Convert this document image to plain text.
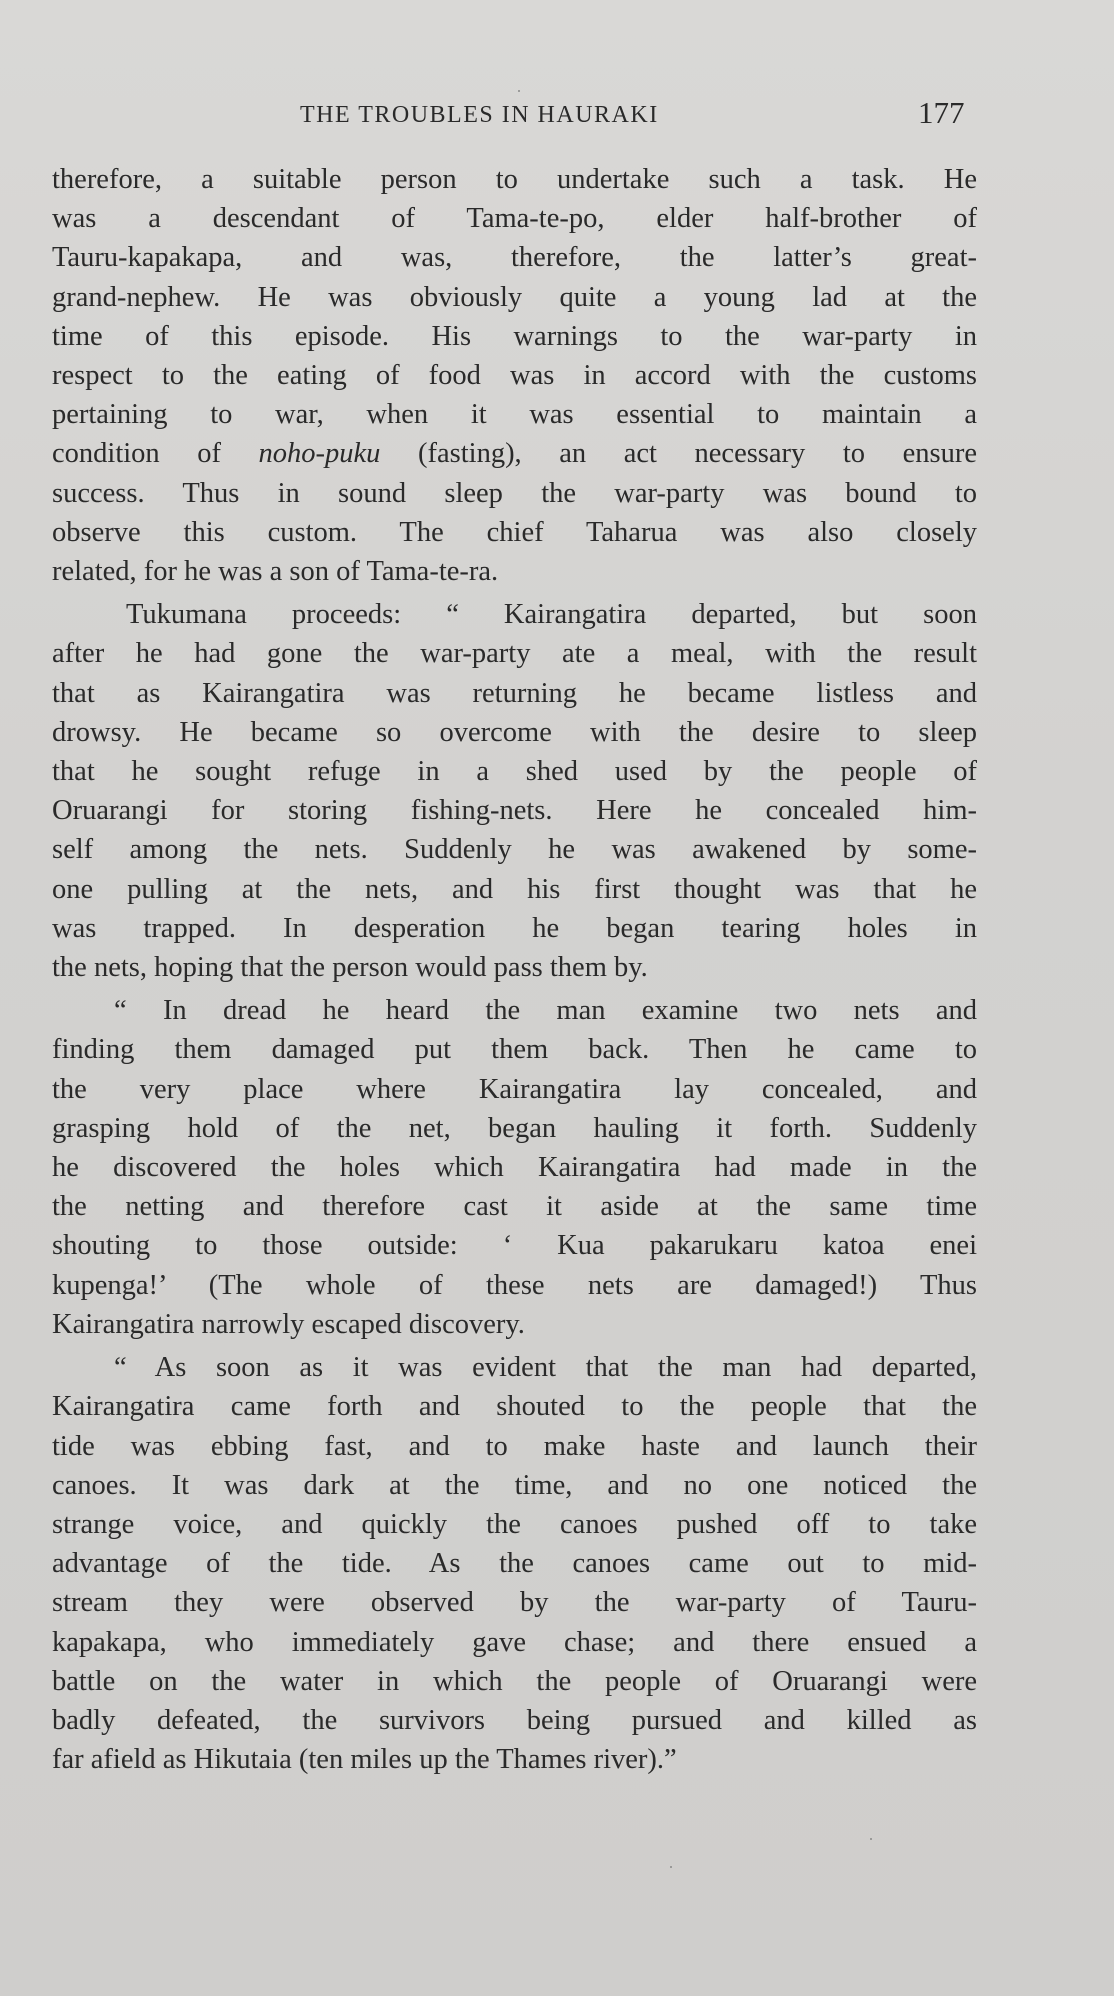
THE TROUBLES IN HAURAKI	177

therefore, a suitable person to undertake such a task. He
was a descendant of Tama-te-po, elder half-brother of
Tauru-kapakapa, and was, therefore, the latter’s great-
grand-nephew. He was obviously quite a young lad at the
time of this episode. His warnings to the war-party in
respect to the eating of food was in accord with the customs
pertaining to war, when it was essential to maintain a
condition of noho-puku (fasting), an act necessary to ensure
success. Thus in sound sleep the war-party was bound to
observe this custom. The chief Taharua was also closely
related, for he was a son of Tama-te-ra.

Tukumana proceeds: “ Kairangatira departed, but soon
after he had gone the war-party ate a meal, with the result
that as Kairangatira was returning he became listless and
drowsy. He became so overcome with the desire to sleep
that he sought refuge in a shed used by the people of
Oruarangi for storing fishing-nets. Here he concealed him-
self among the nets. Suddenly he was awakened by some-
one pulling at the nets, and his first thought was that he
was trapped. In desperation he began tearing holes in
the nets, hoping that the person would pass them by.

“ In dread he heard the man examine two nets and
finding them damaged put them back. Then he came to
the very place where Kairangatira lay concealed, and
grasping hold of the net, began hauling it forth. Suddenly
he discovered the holes which Kairangatira had made in the
the netting and therefore cast it aside at the same time
shouting to those outside: ‘ Kua pakarukaru katoa enei
kupenga!’ (The whole of these nets are damaged!) Thus
Kairangatira narrowly escaped discovery.

“ As soon as it was evident that the man had departed,
Kairangatira came forth and shouted to the people that the
tide was ebbing fast, and to make haste and launch their
canoes. It was dark at the time, and no one noticed the
strange voice, and quickly the canoes pushed off to take
advantage of the tide. As the canoes came out to mid-
stream they were observed by the war-party of Tauru-
kapakapa, who immediately gave chase; and there ensued a
battle on the water in which the people of Oruarangi were
badly defeated, the survivors being pursued and killed as
far afield as Hikutaia (ten miles up the Thames river).”
